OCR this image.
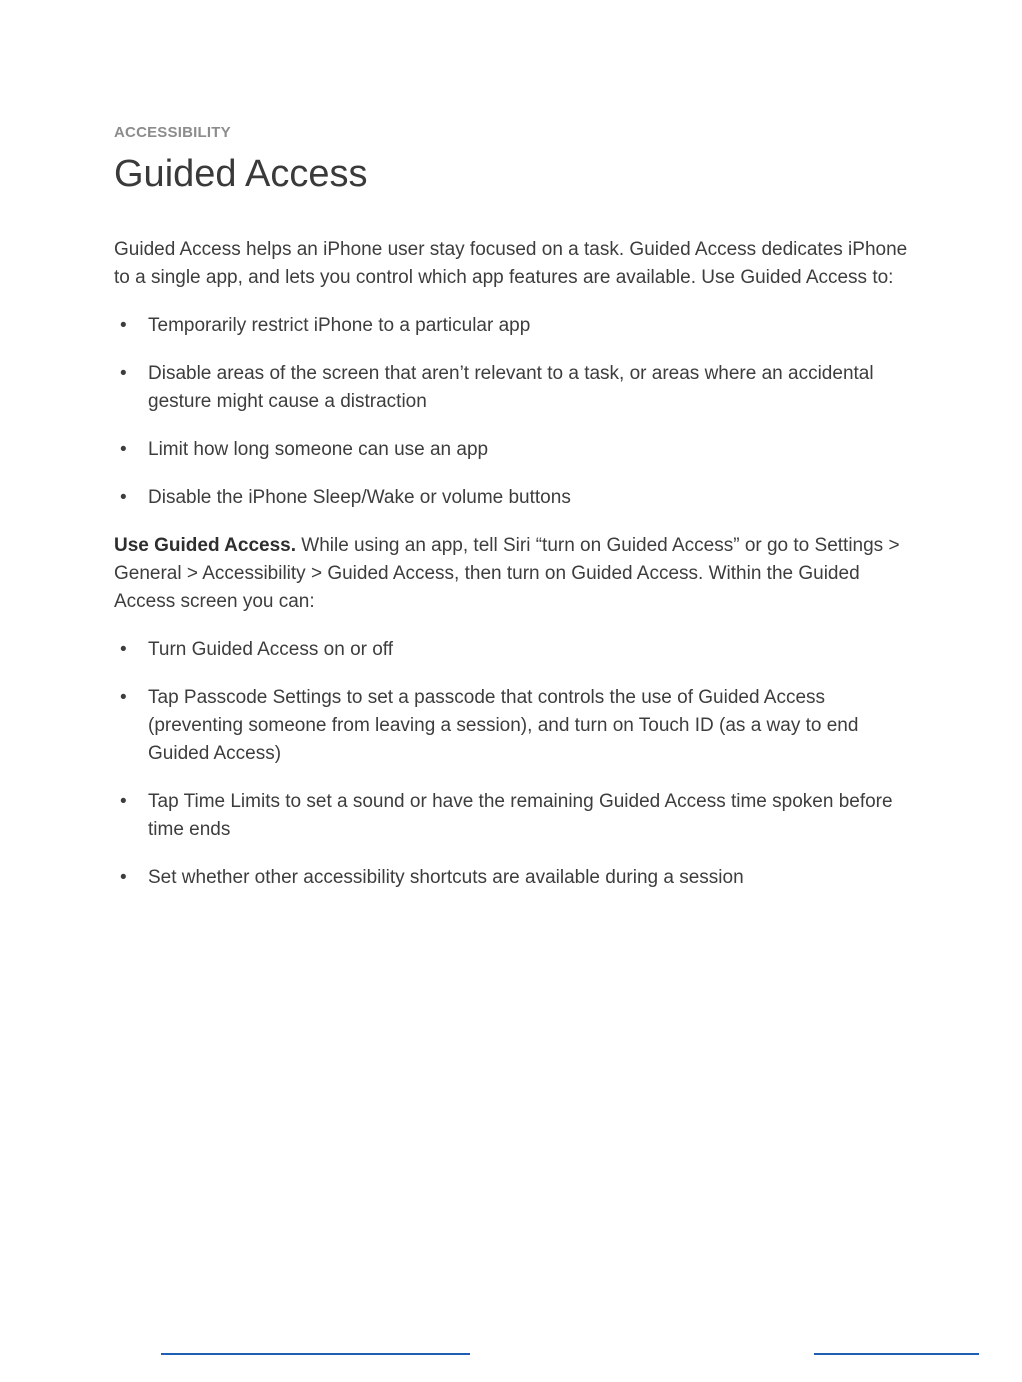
ACCESSIBILITY

Guided Access

Guided Access helps an iPhone user stay focused on a task. Guided Access dedicates iPhone to a single app, and lets you control which app features are available. Use Guided Access to:

• Temporarily restrict iPhone to a particular app
• Disable areas of the screen that aren’t relevant to a task, or areas where an accidental gesture might cause a distraction
• Limit how long someone can use an app
• Disable the iPhone Sleep/Wake or volume buttons

Use Guided Access. While using an app, tell Siri “turn on Guided Access” or go to Settings > General > Accessibility > Guided Access, then turn on Guided Access. Within the Guided Access screen you can:

• Turn Guided Access on or off
• Tap Passcode Settings to set a passcode that controls the use of Guided Access (preventing someone from leaving a session), and turn on Touch ID (as a way to end Guided Access)
• Tap Time Limits to set a sound or have the remaining Guided Access time spoken before time ends
• Set whether other accessibility shortcuts are available during a session
